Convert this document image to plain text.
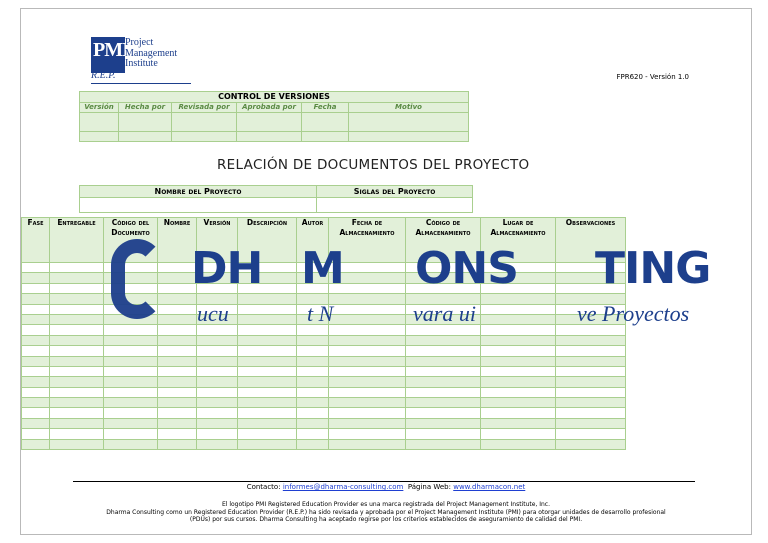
PMI
Project
Management
Institute
R.E.P.	FPR620 - Versión 1.0
CONTROL DE VERSIONES					
Versión	Hecha por	Revisada por	Aprobada por	Fecha	Motivo

RELACIÓN DE DOCUMENTOS DEL PROYECTO
Nombre del Proyecto	Siglas del Proyecto

Fase	Entregable	Código del Documento	Nombre	Versión	Descripción	Autor	Fecha de Almacenamiento	Código de Almacenamiento	Lugar de Almacenamiento	Observaciones

DH M ONS TING
ucu	t N	vara ui	ve Proyectos
Contacto: informes@dharma-consulting.com Página Web: www.dharmacon.net
El logotipo PMI Registered Education Provider es una marca registrada del Project Management Institute, Inc.
Dharma Consulting como un Registered Education Provider (R.E.P.) ha sido revisada y aprobada por el Project Management Institute (PMI) para otorgar unidades de desarrollo profesional
(PDUs) por sus cursos. Dharma Consulting ha aceptado regirse por los criterios establecidos de aseguramiento de calidad del PMI.
